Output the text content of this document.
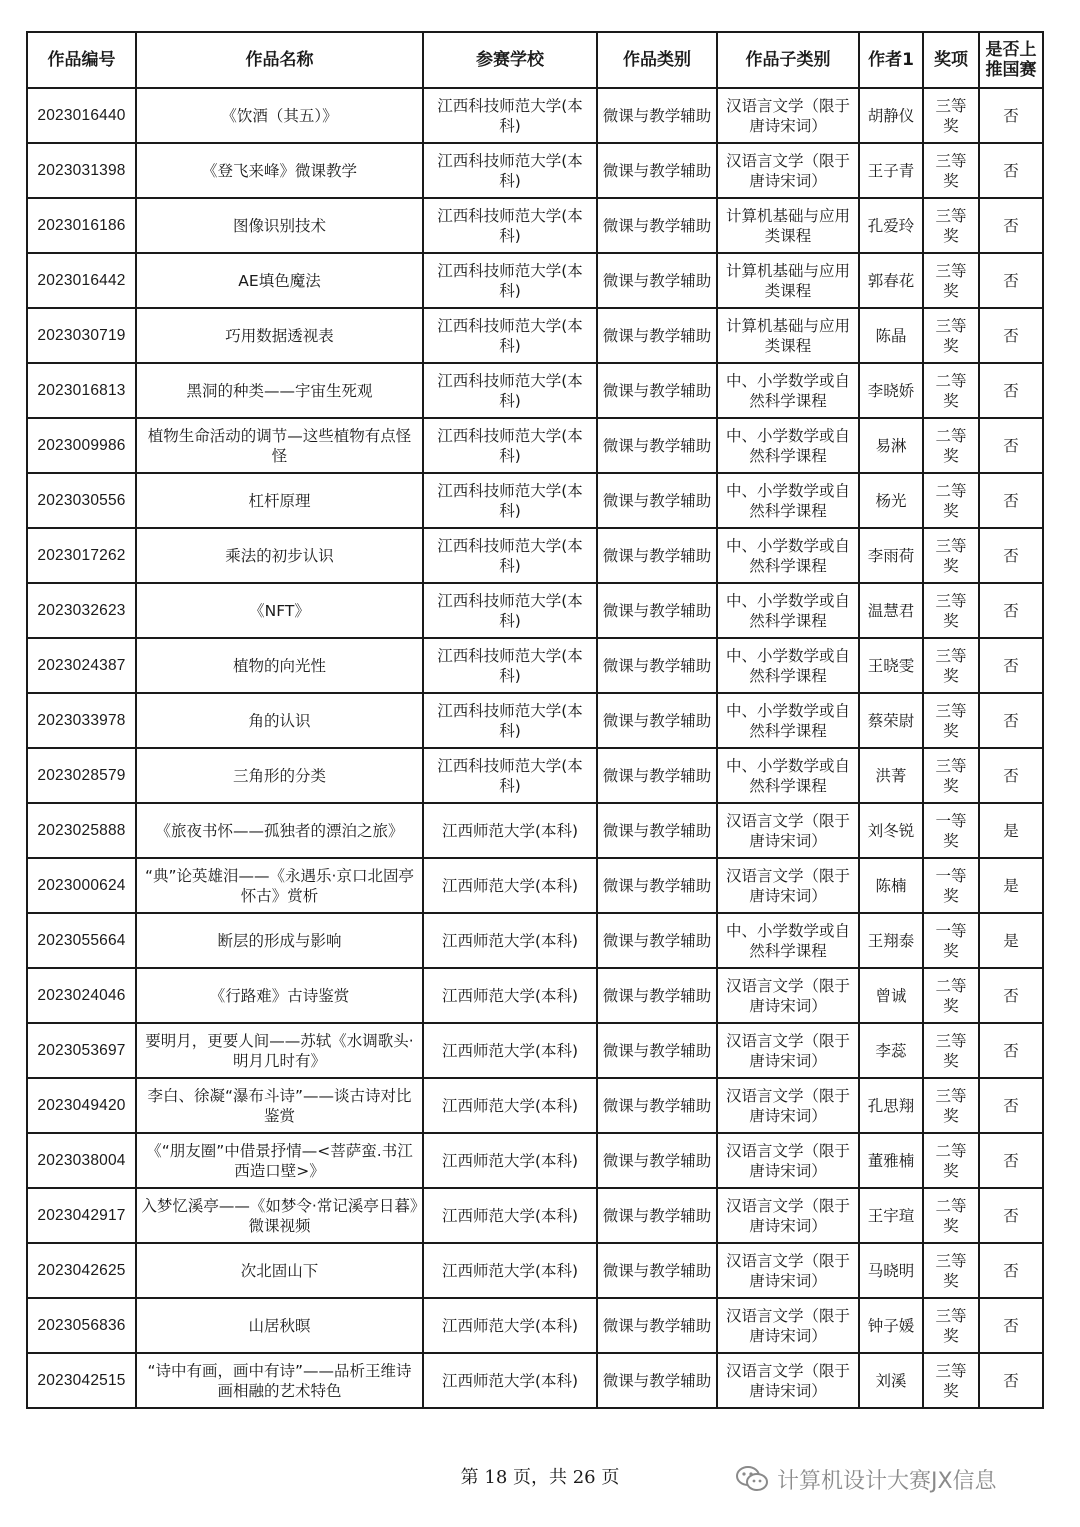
作品编号	作品名称	参赛学校	作品类别	作品子类别	作者1	奖项	是否上推国赛
2023016440	《饮酒（其五）》	江西科技师范大学(本科)	微课与教学辅助	汉语言文学（限于唐诗宋词）	胡静仪	三等奖	否
2023031398	《登飞来峰》微课教学	江西科技师范大学(本科)	微课与教学辅助	汉语言文学（限于唐诗宋词）	王子青	三等奖	否
2023016186	图像识别技术	江西科技师范大学(本科)	微课与教学辅助	计算机基础与应用类课程	孔爱玲	三等奖	否
2023016442	AE填色魔法	江西科技师范大学(本科)	微课与教学辅助	计算机基础与应用类课程	郭春花	三等奖	否
2023030719	巧用数据透视表	江西科技师范大学(本科)	微课与教学辅助	计算机基础与应用类课程	陈晶	三等奖	否
2023016813	黑洞的种类——宇宙生死观	江西科技师范大学(本科)	微课与教学辅助	中、小学数学或自然科学课程	李晓娇	二等奖	否
2023009986	植物生命活动的调节—这些植物有点怪怪	江西科技师范大学(本科)	微课与教学辅助	中、小学数学或自然科学课程	易淋	二等奖	否
2023030556	杠杆原理	江西科技师范大学(本科)	微课与教学辅助	中、小学数学或自然科学课程	杨光	二等奖	否
2023017262	乘法的初步认识	江西科技师范大学(本科)	微课与教学辅助	中、小学数学或自然科学课程	李雨荷	三等奖	否
2023032623	《NFT》	江西科技师范大学(本科)	微课与教学辅助	中、小学数学或自然科学课程	温慧君	三等奖	否
2023024387	植物的向光性	江西科技师范大学(本科)	微课与教学辅助	中、小学数学或自然科学课程	王晓雯	三等奖	否
2023033978	角的认识	江西科技师范大学(本科)	微课与教学辅助	中、小学数学或自然科学课程	蔡荣尉	三等奖	否
2023028579	三角形的分类	江西科技师范大学(本科)	微课与教学辅助	中、小学数学或自然科学课程	洪菁	三等奖	否
2023025888	《旅夜书怀——孤独者的漂泊之旅》	江西师范大学(本科)	微课与教学辅助	汉语言文学（限于唐诗宋词）	刘冬锐	一等奖	是
2023000624	“典”论英雄泪——《永遇乐·京口北固亭怀古》赏析	江西师范大学(本科)	微课与教学辅助	汉语言文学（限于唐诗宋词）	陈楠	一等奖	是
2023055664	断层的形成与影响	江西师范大学(本科)	微课与教学辅助	中、小学数学或自然科学课程	王翔泰	一等奖	是
2023024046	《行路难》古诗鉴赏	江西师范大学(本科)	微课与教学辅助	汉语言文学（限于唐诗宋词）	曾诚	二等奖	否
2023053697	要明月，更要人间——苏轼《水调歌头·明月几时有》	江西师范大学(本科)	微课与教学辅助	汉语言文学（限于唐诗宋词）	李蕊	三等奖	否
2023049420	李白、徐凝“瀑布斗诗”——谈古诗对比鉴赏	江西师范大学(本科)	微课与教学辅助	汉语言文学（限于唐诗宋词）	孔思翔	三等奖	否
2023038004	《“朋友圈”中借景抒情—<菩萨蛮.书江西造口壁>》	江西师范大学(本科)	微课与教学辅助	汉语言文学（限于唐诗宋词）	董雅楠	二等奖	否
2023042917	入梦忆溪亭——《如梦令·常记溪亭日暮》微课视频	江西师范大学(本科)	微课与教学辅助	汉语言文学（限于唐诗宋词）	王宇瑄	二等奖	否
2023042625	次北固山下	江西师范大学(本科)	微课与教学辅助	汉语言文学（限于唐诗宋词）	马晓明	三等奖	否
2023056836	山居秋暝	江西师范大学(本科)	微课与教学辅助	汉语言文学（限于唐诗宋词）	钟子媛	三等奖	否
2023042515	“诗中有画，画中有诗”——品析王维诗画相融的艺术特色	江西师范大学(本科)	微课与教学辅助	汉语言文学（限于唐诗宋词）	刘溪	三等奖	否
第 18 页，共 26 页	计算机设计大赛JX信息
